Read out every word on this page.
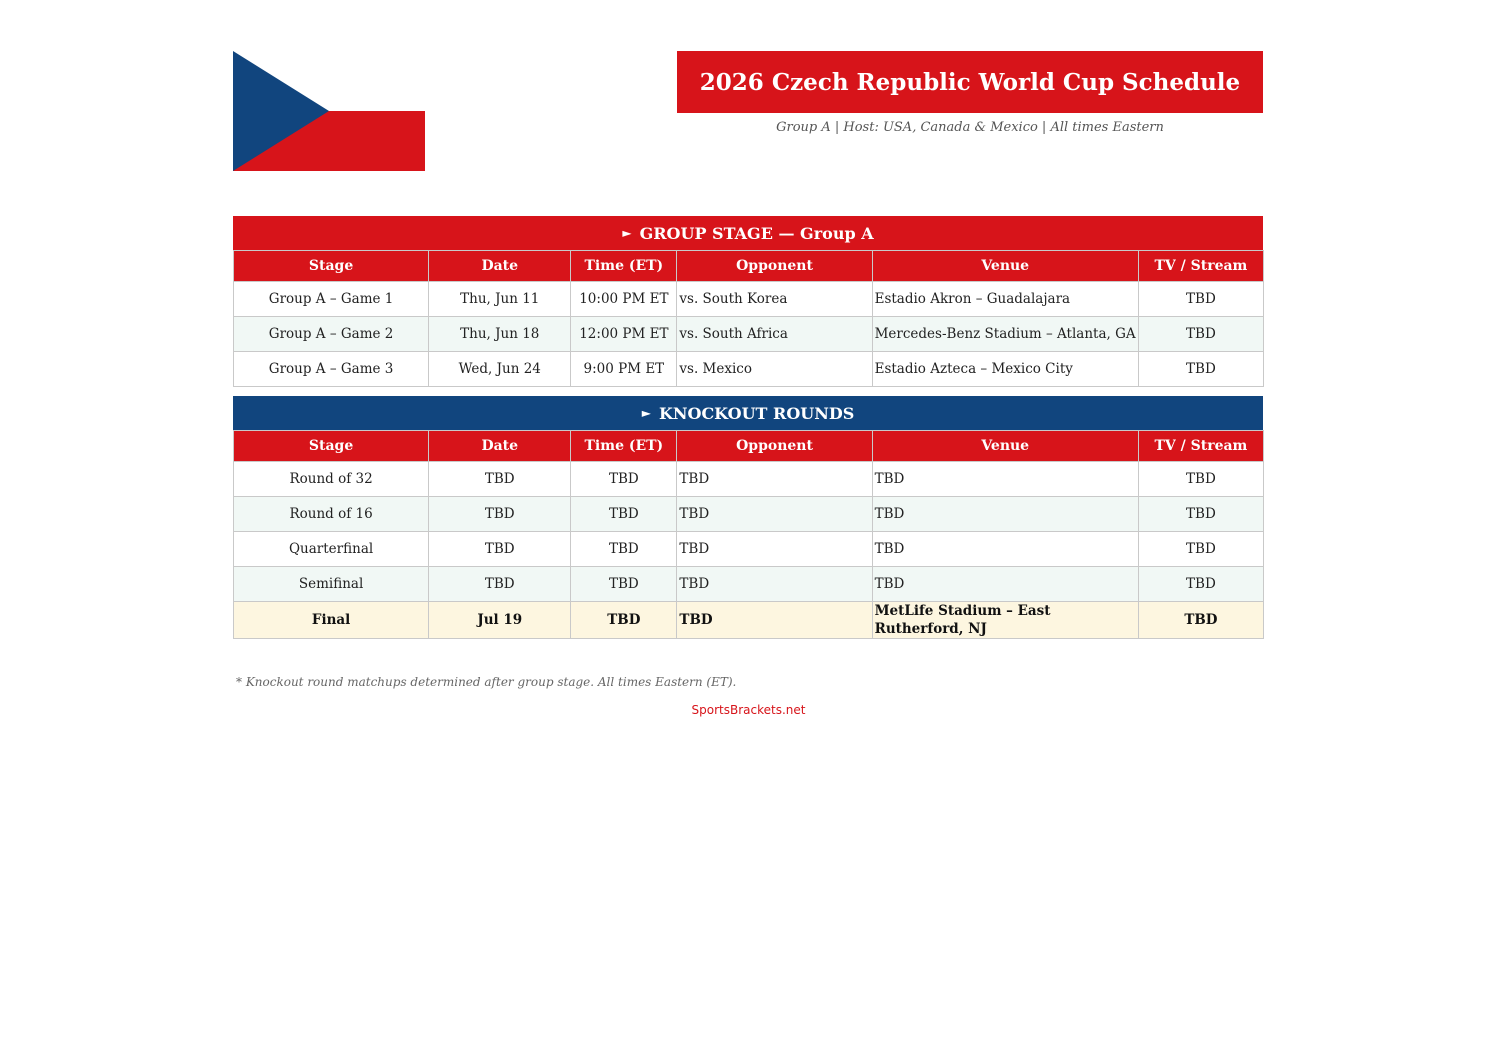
2026 Czech Republic World Cup Schedule
Group A | Host: USA, Canada & Mexico | All times Eastern
► GROUP STAGE — Group A
Stage	Date	Time (ET)	Opponent	Venue	TV / Stream
Group A – Game 1	Thu, Jun 11	10:00 PM ET	vs. South Korea	Estadio Akron – Guadalajara	TBD
Group A – Game 2	Thu, Jun 18	12:00 PM ET	vs. South Africa	Mercedes-Benz Stadium – Atlanta, GA	TBD
Group A – Game 3	Wed, Jun 24	9:00 PM ET	vs. Mexico	Estadio Azteca – Mexico City	TBD
► KNOCKOUT ROUNDS
Stage	Date	Time (ET)	Opponent	Venue	TV / Stream
Round of 32	TBD	TBD	TBD	TBD	TBD
Round of 16	TBD	TBD	TBD	TBD	TBD
Quarterfinal	TBD	TBD	TBD	TBD	TBD
Semifinal	TBD	TBD	TBD	TBD	TBD
Final	Jul 19	TBD	TBD	MetLife Stadium – East Rutherford, NJ	TBD
* Knockout round matchups determined after group stage. All times Eastern (ET).
SportsBrackets.net
